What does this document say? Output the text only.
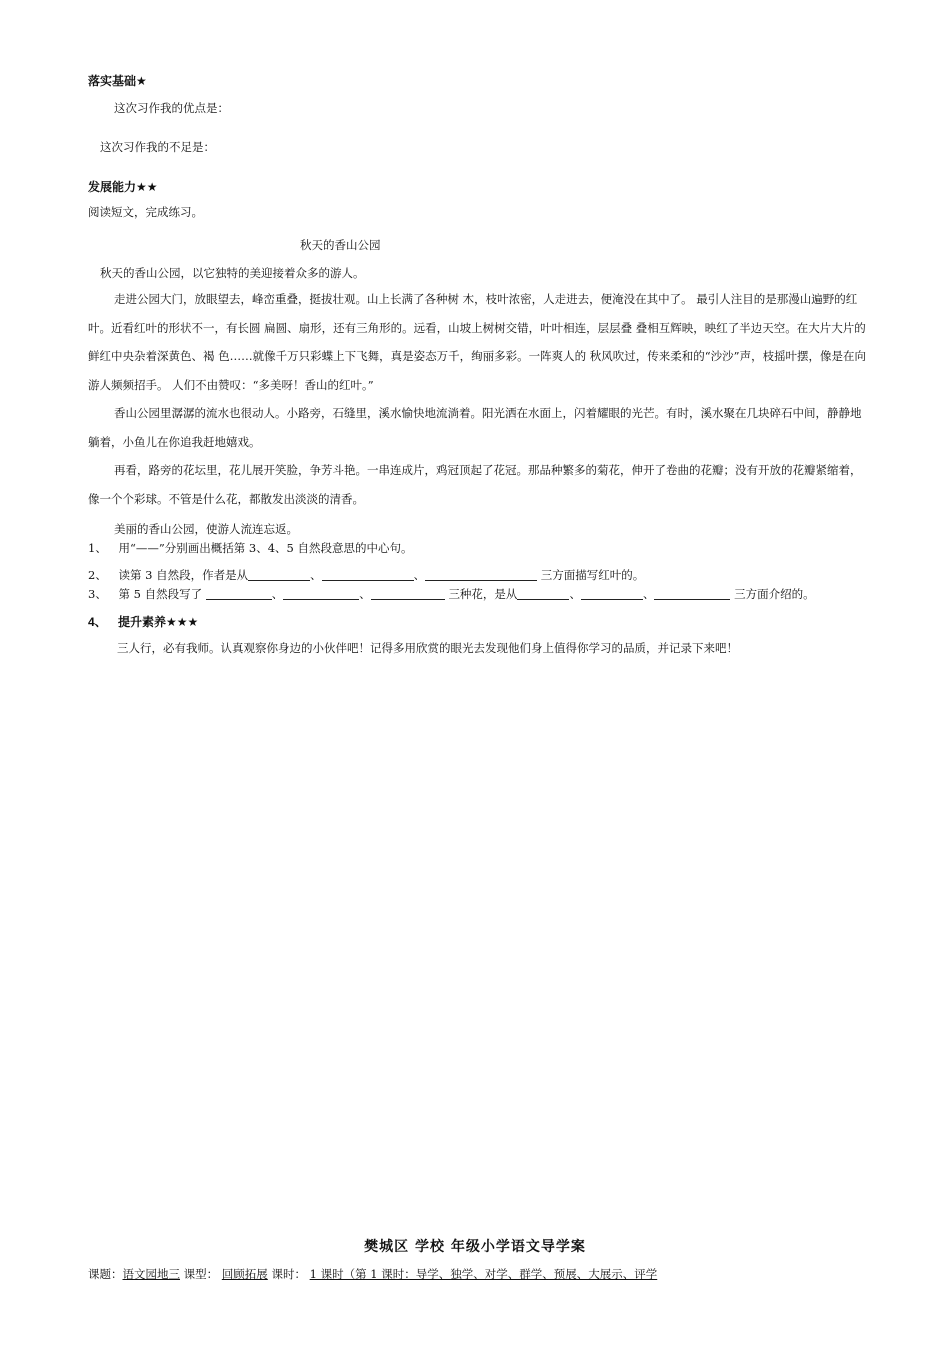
落实基础★
这次习作我的优点是：
这次习作我的不足是：
发展能力★★
阅读短文，完成练习。
秋天的香山公园
秋天的香山公园，以它独特的美迎接着众多的游人。
走进公园大门，放眼望去，峰峦重叠，挺拔壮观。山上长满了各种树 木，枝叶浓密，人走进去，便淹没在其中了。 最引人注目的是那漫山遍野的红叶。近看红叶的形状不一，有长圆 扁圆、扇形，还有三角形的。远看，山坡上树树交错，叶叶相连，层层叠 叠相互辉映，映红了半边天空。在大片大片的鲜红中央杂着深黄色、褐 色……就像千万只彩蝶上下飞舞，真是姿态万千，绚丽多彩。一阵爽人的 秋风吹过，传来柔和的“沙沙”声，枝摇叶摆，像是在向游人频频招手。 人们不由赞叹：“多美呀！香山的红叶。”
香山公园里潺潺的流水也很动人。小路旁，石缝里，溪水愉快地流淌着。阳光洒在水面上，闪着耀眼的光芒。有时，溪水聚在几块碎石中间，静静地躺着，小鱼儿在你追我赶地嬉戏。
再看，路旁的花坛里，花儿展开笑脸，争芳斗艳。一串连成片，鸡冠顶起了花冠。那品种繁多的菊花，伸开了卷曲的花瓣；没有开放的花瓣紧缩着，像一个个彩球。不管是什么花，都散发出淡淡的清香。
美丽的香山公园，使游人流连忘返。
1、 用“——”分别画出概括第 3、4、5 自然段意思的中心句。
2、 读第 3 自然段，作者是从	、	、	三方面描写红叶的。
3、 第 5 自然段写了	、	、	三种花，是从	、	、	三方面介绍的。
4、 提升素养★★★
三人行，必有我师。认真观察你身边的小伙伴吧！记得多用欣赏的眼光去发现他们身上值得你学习的品质，并记录下来吧！
樊城区 学校 年级小学语文导学案
课题：语文园地三 课型： 回顾拓展 课时： 1 课时（第 1 课时：导学、独学、对学、群学、预展、大展示、评学
